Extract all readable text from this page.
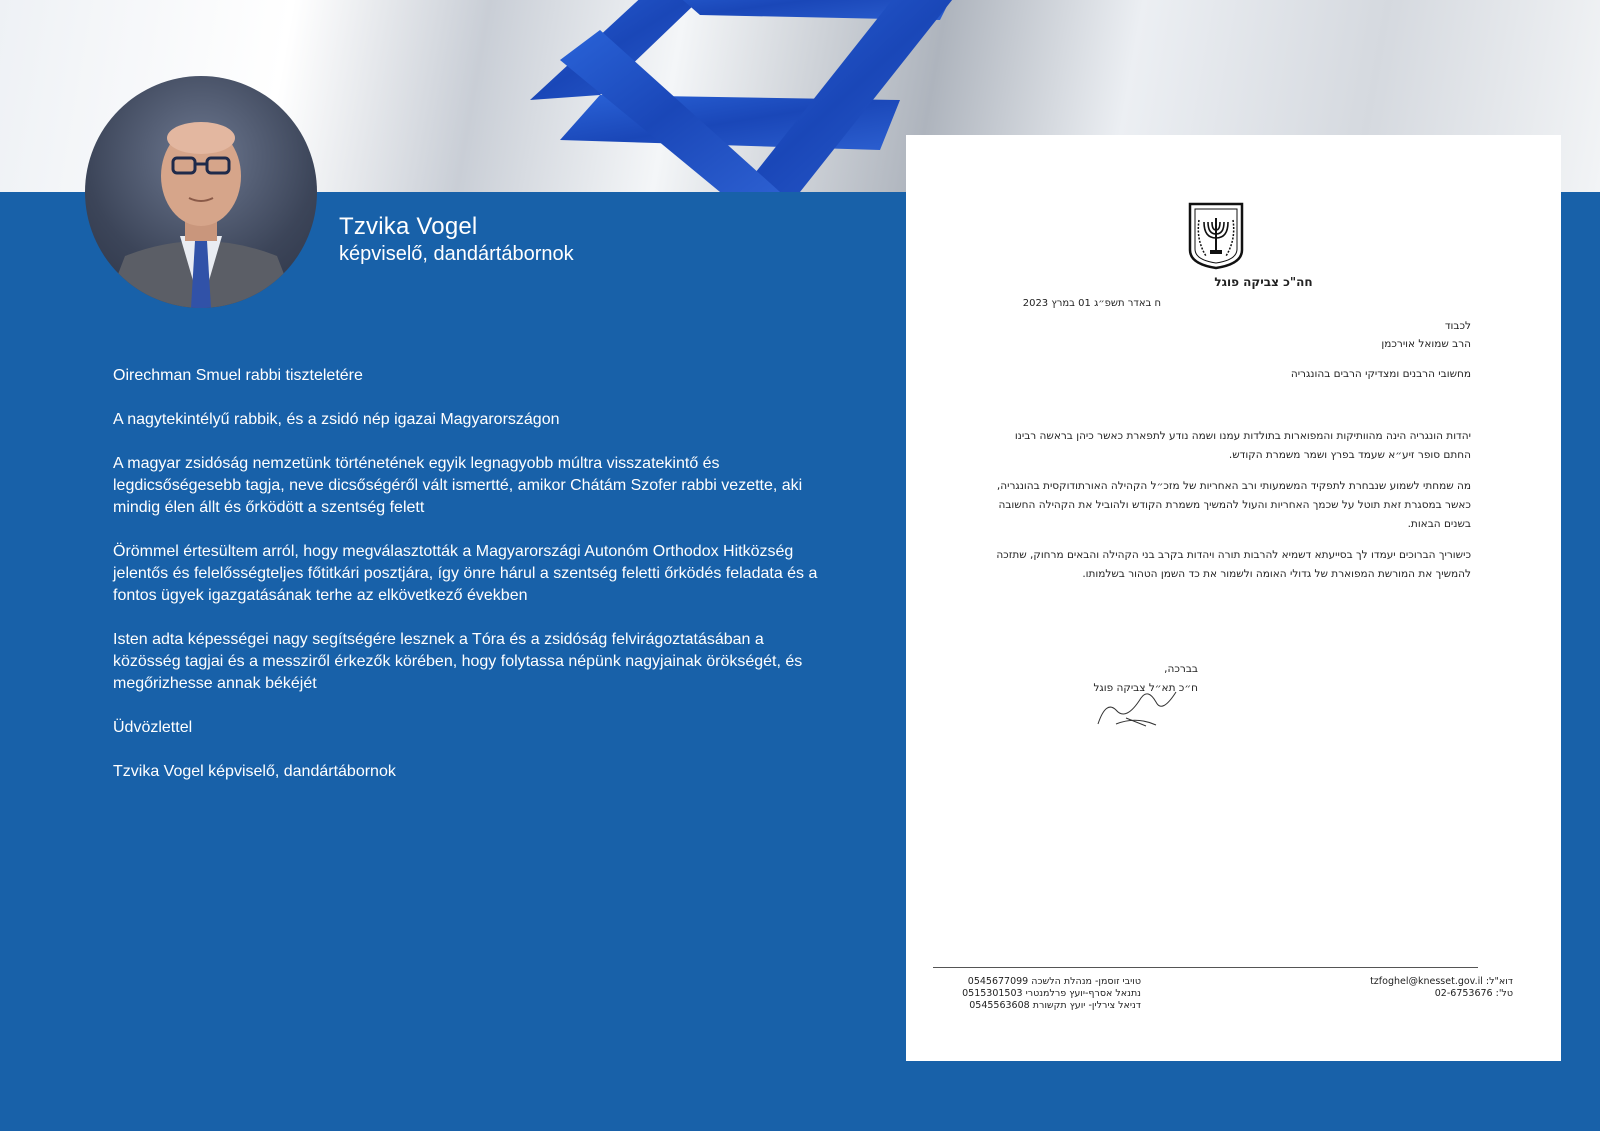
Tzvika Vogel
képviselő, dandártábornok

Oirechman Smuel rabbi tiszteletére

A nagytekintélyű rabbik, és a zsidó nép igazai Magyarországon

A magyar zsidóság nemzetünk történetének egyik legnagyobb múltra visszatekintő és legdicsőségesebb tagja, neve dicsőségéről vált ismertté, amikor Chátám Szofer rabbi vezette, aki mindig élen állt és őrködött a szentség felett

Örömmel értesültem arról, hogy megválasztották a Magyarországi Autonóm Orthodox Hitközség jelentős és felelősségteljes főtitkári posztjára, így önre hárul a szentség feletti őrködés feladata és a fontos ügyek igazgatásának terhe az elkövetkező években

Isten adta képességei nagy segítségére lesznek a Tóra és a zsidóság felvirágoztatásában a közösség tagjai és a messziről érkezők körében, hogy folytassa népünk nagyjainak örökségét, és megőrizhesse annak békéjét

Üdvözlettel

Tzvika Vogel képviselő, dandártábornok

חה"כ צביקה פוגל
ח באדר תשפ״ג 01 במרץ 2023
לכבוד
הרב שמואל אוירכמן
מחשובי הרבנים ומצדיקי הרבים בהונגריה

יהדות הונגריה הינה מהוותיקות והמפוארות בתולדות עמנו ושמה נודע לתפארת כאשר כיהן בראשה רבינו החתם סופר זיע״א שעמד בפרץ ושמר משמרת הקודש.

מה שמחתי לשמוע שנבחרת לתפקיד המשמעותי ורב האחריות של מזכ״ל הקהילה האורתודוקסית בהונגריה, כאשר במסגרת זאת תוטל על שכמך האחריות והעול להמשיך משמרת הקודש ולהוביל את הקהילה החשובה בשנים הבאות.

כישוריך הברוכים יעמדו לך בסייעתא דשמיא להרבות תורה ויהדות בקרב בני הקהילה והבאים מרחוק, שתזכה להמשיך את המורשת המפוארת של גדולי האומה ולשמור את כד השמן הטהור בשלמותו.

בברכה,
ח״כ תא״ל צביקה פוגל
טויבי זוסמן- מנהלת הלשכה 0545677099
נתנאל אסרף-יועץ פרלמנטרי 0515301503
דניאל צירלין- יועץ תקשורת 0545563608
דוא"ל: tzfoghel@knesset.gov.il
טל': 02-6753676
